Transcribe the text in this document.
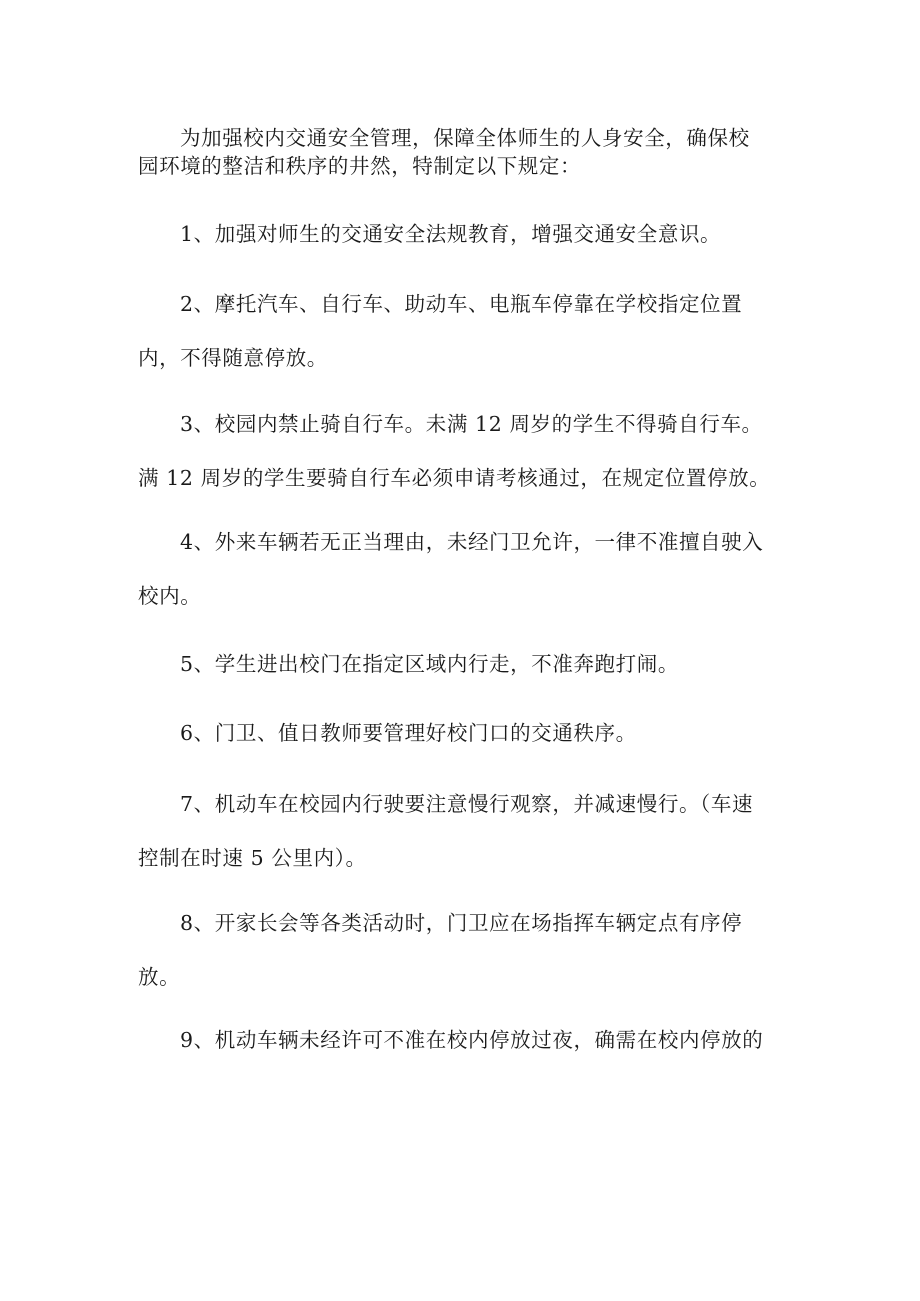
为加强校内交通安全管理，保障全体师生的人身安全，确保校
园环境的整洁和秩序的井然，特制定以下规定：

1、加强对师生的交通安全法规教育，增强交通安全意识。

2、摩托汽车、自行车、助动车、电瓶车停靠在学校指定位置
内，不得随意停放。

3、校园内禁止骑自行车。未满 12 周岁的学生不得骑自行车。
满 12 周岁的学生要骑自行车必须申请考核通过，在规定位置停放。

4、外来车辆若无正当理由，未经门卫允许，一律不准擅自驶入
校内。

5、学生进出校门在指定区域内行走，不准奔跑打闹。

6、门卫、值日教师要管理好校门口的交通秩序。

7、机动车在校园内行驶要注意慢行观察，并减速慢行。（车速
控制在时速 5 公里内）。

8、开家长会等各类活动时，门卫应在场指挥车辆定点有序停
放。

9、机动车辆未经许可不准在校内停放过夜，确需在校内停放的
